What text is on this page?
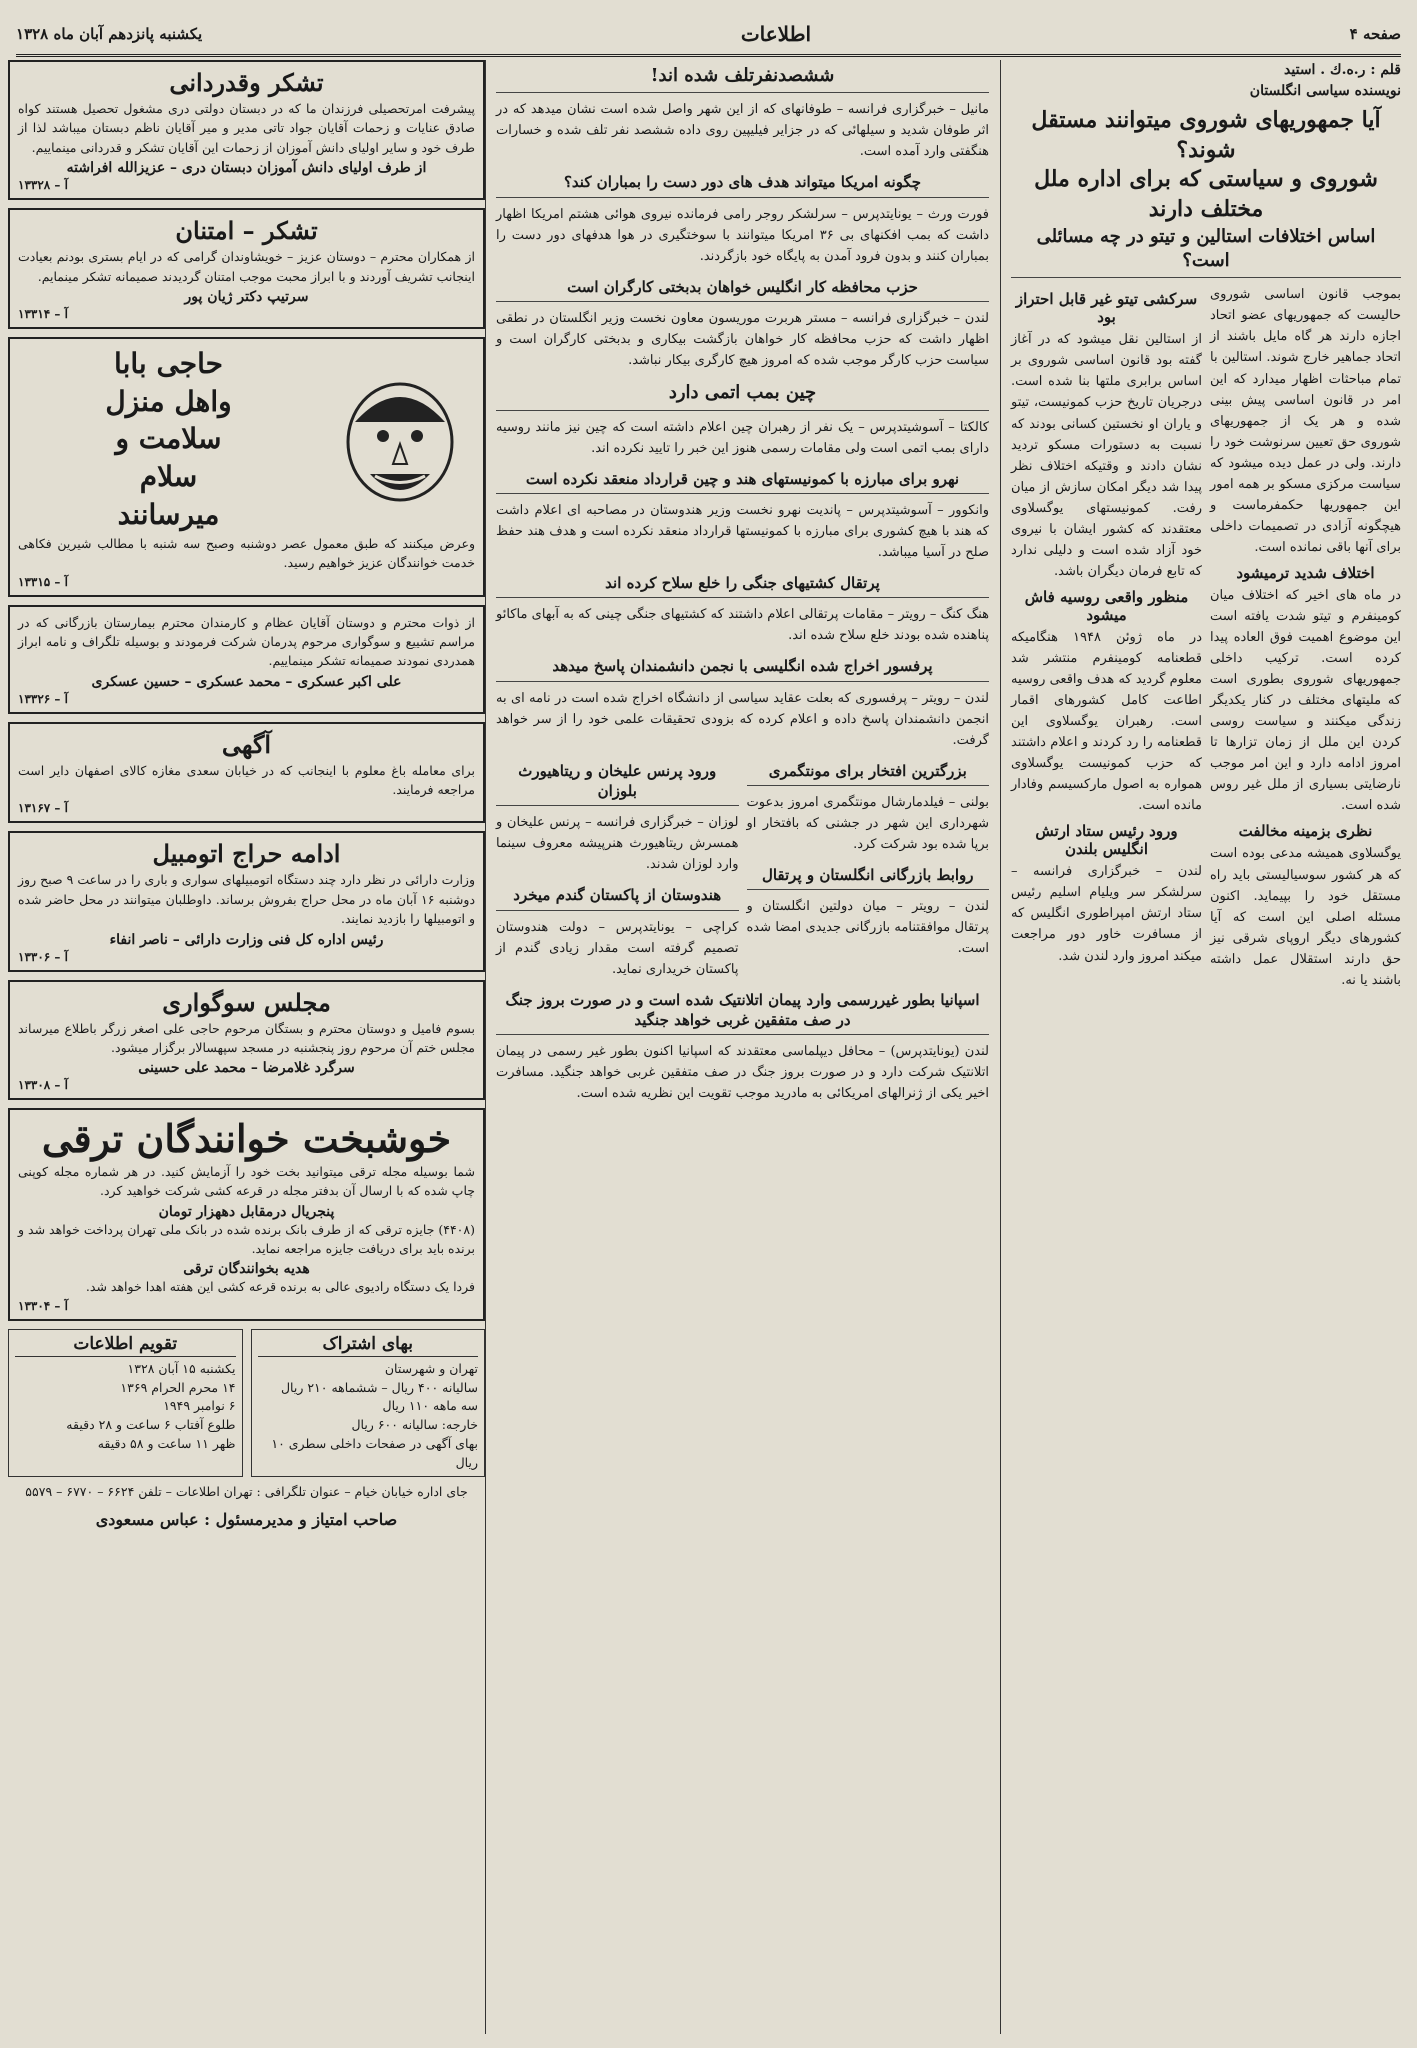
صفحه ۴
اطلاعات
یکشنبه پانزدهم آبان ماه ۱۳۲۸
قلم : ر.ه.ك . استید
نویسنده سیاسی انگلستان
آیا جمهوریهای شوروی میتوانند مستقل شوند؟
شوروی و سیاستی که برای اداره ملل مختلف دارند
اساس اختلافات استالین و تیتو در چه مسائلی است؟

بموجب قانون اساسی شوروی حالیست که جمهوریهای عضو اتحاد اجازه دارند هر گاه مایل باشند از اتحاد جماهیر خارج شوند. استالین با تمام مباحثات اظهار میدارد که این امر در قانون اساسی پیش بینی شده و هر یک از جمهوریهای شوروی حق تعیین سرنوشت خود را دارند. ولی در عمل دیده میشود که سیاست مرکزی مسکو بر همه امور این جمهوریها حکمفرماست و هیچگونه آزادی در تصمیمات داخلی برای آنها باقی نمانده است.

اختلاف شدید ترمیشود

در ماه های اخیر که اختلاف میان کومینفرم و تیتو شدت یافته است این موضوع اهمیت فوق العاده پیدا کرده است. ترکیب داخلی جمهوریهای شوروی بطوری است که ملیتهای مختلف در کنار یکدیگر زندگی میکنند و سیاست روسی کردن این ملل از زمان تزارها تا امروز ادامه دارد و این امر موجب نارضایتی بسیاری از ملل غیر روس شده است.

نظری بزمینه مخالفت

یوگسلاوی همیشه مدعی بوده است که هر کشور سوسیالیستی باید راه مستقل خود را بپیماید. اکنون مسئله اصلی این است که آیا کشورهای دیگر اروپای شرقی نیز حق دارند استقلال عمل داشته باشند یا نه.

سرکشی تیتو غیر قابل احتراز بود

از استالین نقل میشود که در آغاز گفته بود قانون اساسی شوروی بر اساس برابری ملتها بنا شده است. درجریان تاریخ حزب کمونیست، تیتو و یاران او نخستین کسانی بودند که نسبت به دستورات مسکو تردید نشان دادند و وقتیکه اختلاف نظر پیدا شد دیگر امکان سازش از میان رفت. کمونیستهای یوگسلاوی معتقدند که کشور ایشان با نیروی خود آزاد شده است و دلیلی ندارد که تابع فرمان دیگران باشد.

منظور واقعی روسیه فاش میشود

در ماه ژوئن ۱۹۴۸ هنگامیکه قطعنامه کومینفرم منتشر شد معلوم گردید که هدف واقعی روسیه اطاعت کامل کشورهای اقمار است. رهبران یوگسلاوی این قطعنامه را رد کردند و اعلام داشتند که حزب کمونیست یوگسلاوی همواره به اصول مارکسیسم وفادار مانده است.

ورود رئیس ستاد ارتش انگلیس بلندن

لندن – خبرگزاری فرانسه – سرلشکر سر ویلیام اسلیم رئیس ستاد ارتش امپراطوری انگلیس که از مسافرت خاور دور مراجعت میکند امروز وارد لندن شد.

ششصدنفرتلف شده اند!

مانیل – خبرگزاری فرانسه – طوفانهای که از این شهر واصل شده است نشان میدهد که در اثر طوفان شدید و سیلهائی که در جزایر فیلیپین روی داده ششصد نفر تلف شده و خسارات هنگفتی وارد آمده است.

چگونه امریکا میتواند هدف های دور دست را بمباران کند؟

فورت ورث – یونایتدپرس – سرلشکر روجر رامی فرمانده نیروی هوائی هشتم امریکا اظهار داشت که بمب افکنهای بی ۳۶ امریکا میتوانند با سوختگیری در هوا هدفهای دور دست را بمباران کنند و بدون فرود آمدن به پایگاه خود بازگردند.

حزب محافظه کار انگلیس خواهان بدبختی کارگران است

لندن – خبرگزاری فرانسه – مستر هربرت موریسون معاون نخست وزیر انگلستان در نطقی اظهار داشت که حزب محافظه کار خواهان بازگشت بیکاری و بدبختی کارگران است و سیاست حزب کارگر موجب شده که امروز هیچ کارگری بیکار نباشد.

چین بمب اتمی دارد

کالکتا – آسوشیتدپرس – یک نفر از رهبران چین اعلام داشته است که چین نیز مانند روسیه دارای بمب اتمی است ولی مقامات رسمی هنوز این خبر را تایید نکرده اند.

نهرو برای مبارزه با کمونیستهای هند و چین قرارداد منعقد نکرده است

وانکوور – آسوشیتدپرس – پاندیت نهرو نخست وزیر هندوستان در مصاحبه ای اعلام داشت که هند با هیچ کشوری برای مبارزه با کمونیستها قرارداد منعقد نکرده است و هدف هند حفظ صلح در آسیا میباشد.

پرتقال کشتیهای جنگی را خلع سلاح کرده اند

هنگ کنگ – رویتر – مقامات پرتقالی اعلام داشتند که کشتیهای جنگی چینی که به آبهای ماکائو پناهنده شده بودند خلع سلاح شده اند.

پرفسور اخراج شده انگلیسی با نجمن دانشمندان پاسخ میدهد

لندن – رویتر – پرفسوری که بعلت عقاید سیاسی از دانشگاه اخراج شده است در نامه ای به انجمن دانشمندان پاسخ داده و اعلام کرده که بزودی تحقیقات علمی خود را از سر خواهد گرفت.

بزرگترین افتخار برای مونتگمری

بولنی – فیلدمارشال مونتگمری امروز بدعوت شهرداری این شهر در جشنی که بافتخار او برپا شده بود شرکت کرد.

روابط بازرگانی انگلستان و پرتقال

لندن – رویتر – میان دولتین انگلستان و پرتقال موافقتنامه بازرگانی جدیدی امضا شده است.

ورود پرنس علیخان و ریتاهیورث بلوزان

لوزان – خبرگزاری فرانسه – پرنس علیخان و همسرش ریتاهیورث هنرپیشه معروف سینما وارد لوزان شدند.

هندوستان از پاکستان گندم میخرد

کراچی – یونایتدپرس – دولت هندوستان تصمیم گرفته است مقدار زیادی گندم از پاکستان خریداری نماید.

اسپانیا بطور غیررسمی وارد پیمان اتلانتیک شده است و در صورت بروز جنگ در صف متفقین غربی خواهد جنگید

لندن (یونایتدپرس) – محافل دیپلماسی معتقدند که اسپانیا اکنون بطور غیر رسمی در پیمان اتلانتیک شرکت دارد و در صورت بروز جنگ در صف متفقین غربی خواهد جنگید. مسافرت اخیر یکی از ژنرالهای امریکائی به مادرید موجب تقویت این نظریه شده است.

تشکر وقدردانی
پیشرفت امرتحصیلی فرزندان ما که در دبستان دولتی دری مشغول تحصیل هستند کواه صادق عنایات و زحمات آقایان جواد تاتی مدیر و میر آقایان ناظم دبستان میباشد لذا از طرف خود و سایر اولیای دانش آموزان از زحمات این آقایان تشکر و قدردانی مینماییم.
از طرف اولیای دانش آموزان دبستان دری – عزیزالله افراشته
۱۳۳۲۸ – آ
تشکر – امتنان
از همکاران محترم – دوستان عزیز – خویشاوندان گرامی که در ایام بستری بودنم بعیادت اینجانب تشریف آوردند و با ابراز محبت موجب امتنان گردیدند صمیمانه تشکر مینمایم.
سرتیپ دکتر ژیان پور
۱۳۳۱۴ – آ
حاجی بابا
واهل منزل
سلامت و
سلام
میرسانند
وعرض میکنند که طبق معمول عصر دوشنبه وصبح سه شنبه با مطالب شیرین فکاهی خدمت خوانندگان عزیز خواهیم رسید.
۱۳۳۱۵ – آ
از ذوات محترم و دوستان آقایان عظام و کارمندان محترم بیمارستان بازرگانی که در مراسم تشییع و سوگواری مرحوم پدرمان شرکت فرمودند و بوسیله تلگراف و نامه ابراز همدردی نمودند صمیمانه تشکر مینماییم.
علی اکبر عسکری – محمد عسکری – حسین عسکری
۱۳۳۲۶ – آ
آگهی
برای معامله باغ معلوم با اینجانب که در خیابان سعدی مغازه کالای اصفهان دایر است مراجعه فرمایند.
۱۳۱۶۷ – آ
ادامه حراج اتومبیل
وزارت دارائی در نظر دارد چند دستگاه اتومبیلهای سواری و باری را در ساعت ۹ صبح روز دوشنبه ۱۶ آبان ماه در محل حراج بفروش برساند. داوطلبان میتوانند در محل حاضر شده و اتومبیلها را بازدید نمایند.
رئیس اداره کل فنی وزارت دارائی – ناصر انفاء
۱۳۳۰۶ – آ
مجلس سوگواری
بسوم فامیل و دوستان محترم و بستگان مرحوم حاجی علی اصغر زرگر باطلاع میرساند مجلس ختم آن مرحوم روز پنجشنبه در مسجد سپهسالار برگزار میشود.
سرگرد غلامرضا – محمد علی حسینی
۱۳۳۰۸ – آ
خوشبخت خوانندگان ترقی
شما بوسیله مجله ترقی میتوانید بخت خود را آزمایش کنید. در هر شماره مجله کوپنی چاپ شده که با ارسال آن بدفتر مجله در قرعه کشی شرکت خواهید کرد.
پنجریال درمقابل دههزار تومان
(۴۴۰۸) جایزه ترقی که از طرف بانک برنده شده در بانک ملی تهران پرداخت خواهد شد و برنده باید برای دریافت جایزه مراجعه نماید.
هدیه بخوانندگان ترقی
فردا یک دستگاه رادیوی عالی به برنده قرعه کشی این هفته اهدا خواهد شد.
۱۳۳۰۴ – آ
بهای اشتراک
تهران و شهرستان
سالیانه ۴۰۰ ریال – ششماهه ۲۱۰ ریال
سه ماهه ۱۱۰ ریال
خارجه: سالیانه ۶۰۰ ریال
بهای آگهی در صفحات داخلی سطری ۱۰ ریال
تقویم اطلاعات
یکشنبه ۱۵ آبان ۱۳۲۸
۱۴ محرم الحرام ۱۳۶۹
۶ نوامبر ۱۹۴۹
طلوع آفتاب ۶ ساعت و ۲۸ دقیقه
ظهر ۱۱ ساعت و ۵۸ دقیقه
جای اداره خیابان خیام – عنوان تلگرافی : تهران اطلاعات – تلفن ۶۶۲۴ – ۶۷۷۰ – ۵۵۷۹
صاحب امتیاز و مدیرمسئول : عباس مسعودی
